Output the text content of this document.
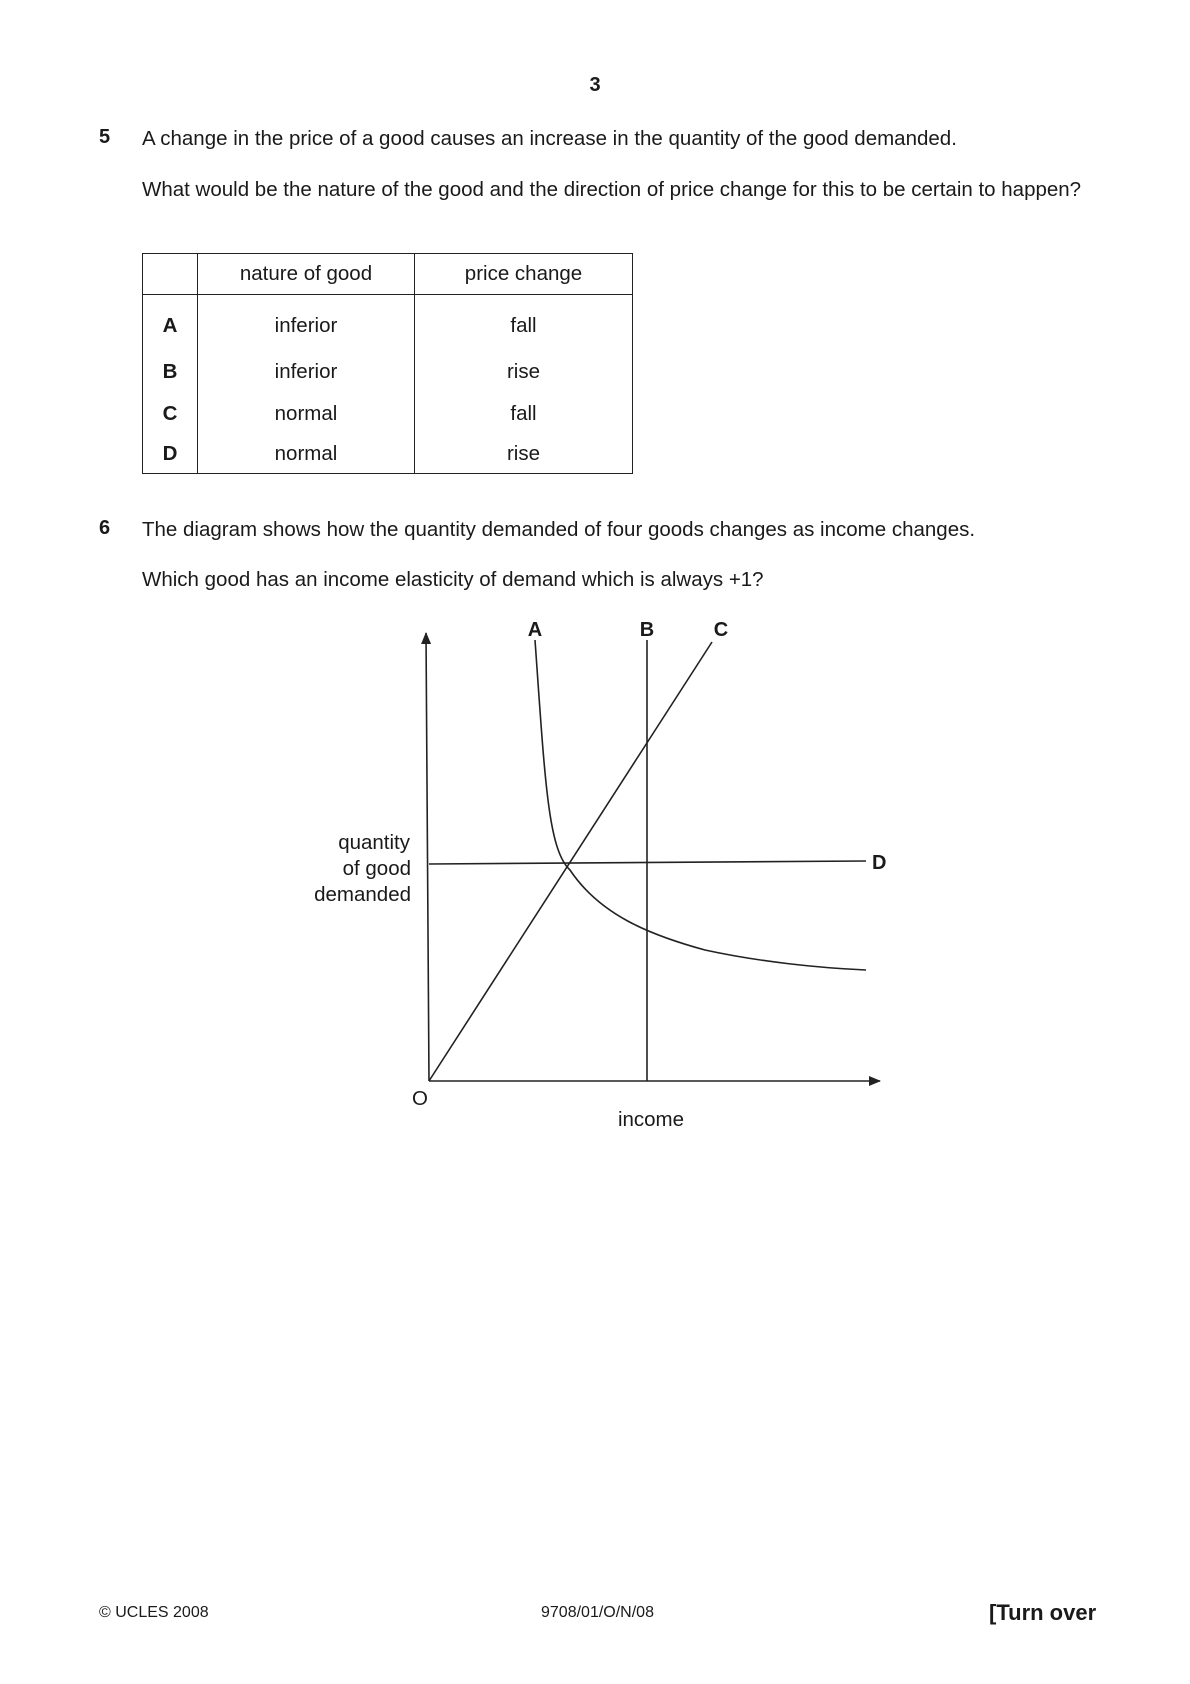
3
5 A change in the price of a good causes an increase in the quantity of the good demanded.
What would be the nature of the good and the direction of price change for this to be certain to happen?
	nature of good	price change
A	inferior	fall
B	inferior	rise
C	normal	fall
D	normal	rise
6 The diagram shows how the quantity demanded of four goods changes as income changes.
Which good has an income elasticity of demand which is always +1?
A	B	C
D
quantity
of good
demanded
O
income
© UCLES 2008	9708/01/O/N/08	[Turn over
